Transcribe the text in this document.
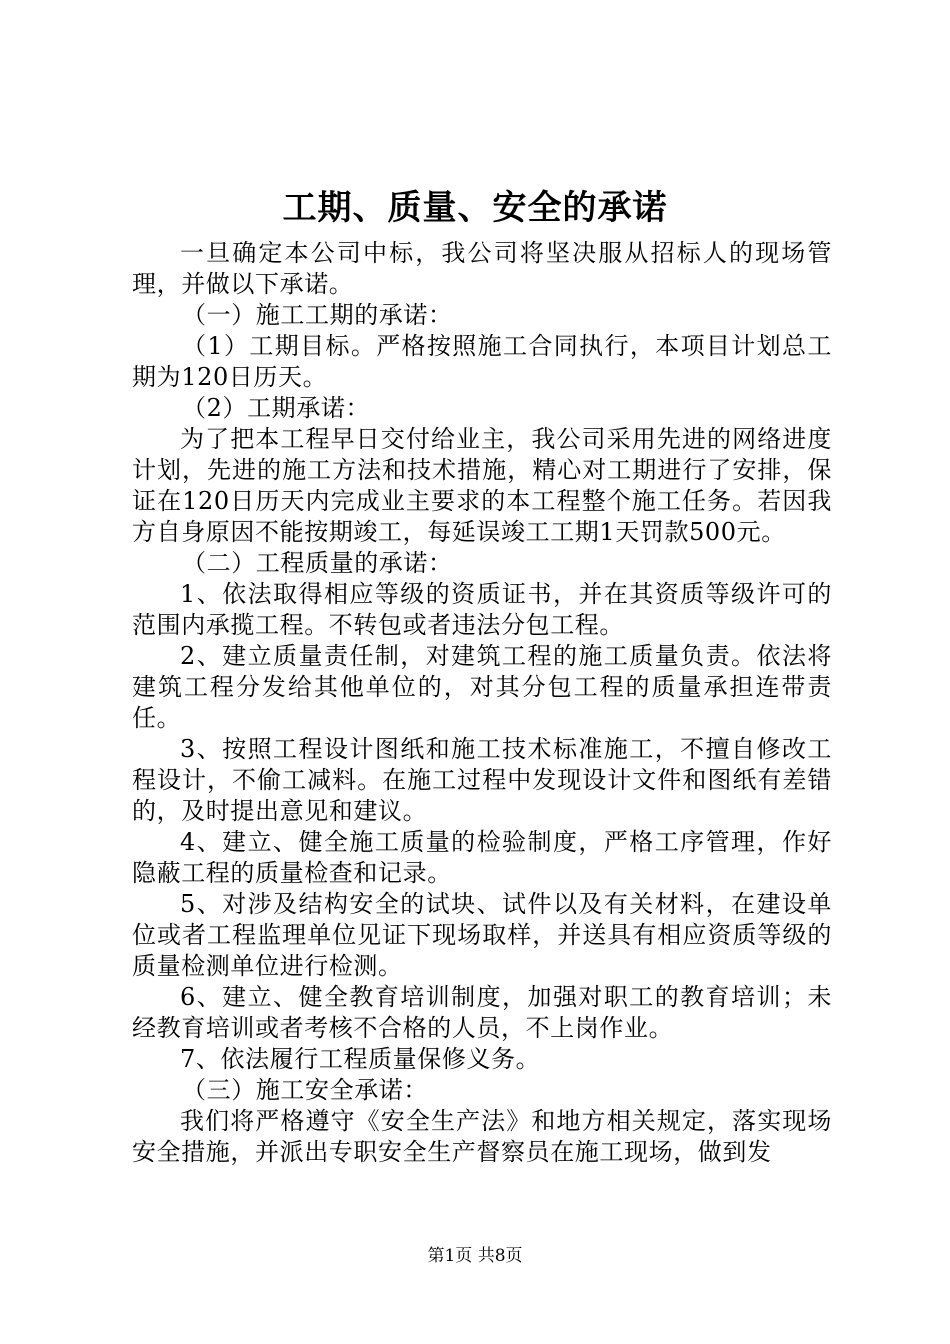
工期、质量、安全的承诺

一旦确定本公司中标，我公司将坚决服从招标人的现场管理，并做以下承诺。

（一）施工工期的承诺：

（1）工期目标。严格按照施工合同执行，本项目计划总工期为120日历天。

（2）工期承诺：

为了把本工程早日交付给业主，我公司采用先进的网络进度计划，先进的施工方法和技术措施，精心对工期进行了安排，保证在120日历天内完成业主要求的本工程整个施工任务。若因我方自身原因不能按期竣工，每延误竣工工期1天罚款500元。

（二）工程质量的承诺：

1、依法取得相应等级的资质证书，并在其资质等级许可的范围内承揽工程。不转包或者违法分包工程。

2、建立质量责任制，对建筑工程的施工质量负责。依法将建筑工程分发给其他单位的，对其分包工程的质量承担连带责任。

3、按照工程设计图纸和施工技术标准施工，不擅自修改工程设计，不偷工减料。在施工过程中发现设计文件和图纸有差错的，及时提出意见和建议。

4、建立、健全施工质量的检验制度，严格工序管理，作好隐蔽工程的质量检查和记录。

5、对涉及结构安全的试块、试件以及有关材料，在建设单位或者工程监理单位见证下现场取样，并送具有相应资质等级的质量检测单位进行检测。

6、建立、健全教育培训制度，加强对职工的教育培训；未经教育培训或者考核不合格的人员，不上岗作业。

7、依法履行工程质量保修义务。

（三）施工安全承诺：

我们将严格遵守《安全生产法》和地方相关规定，落实现场安全措施，并派出专职安全生产督察员在施工现场，做到发

第1页 共8页
